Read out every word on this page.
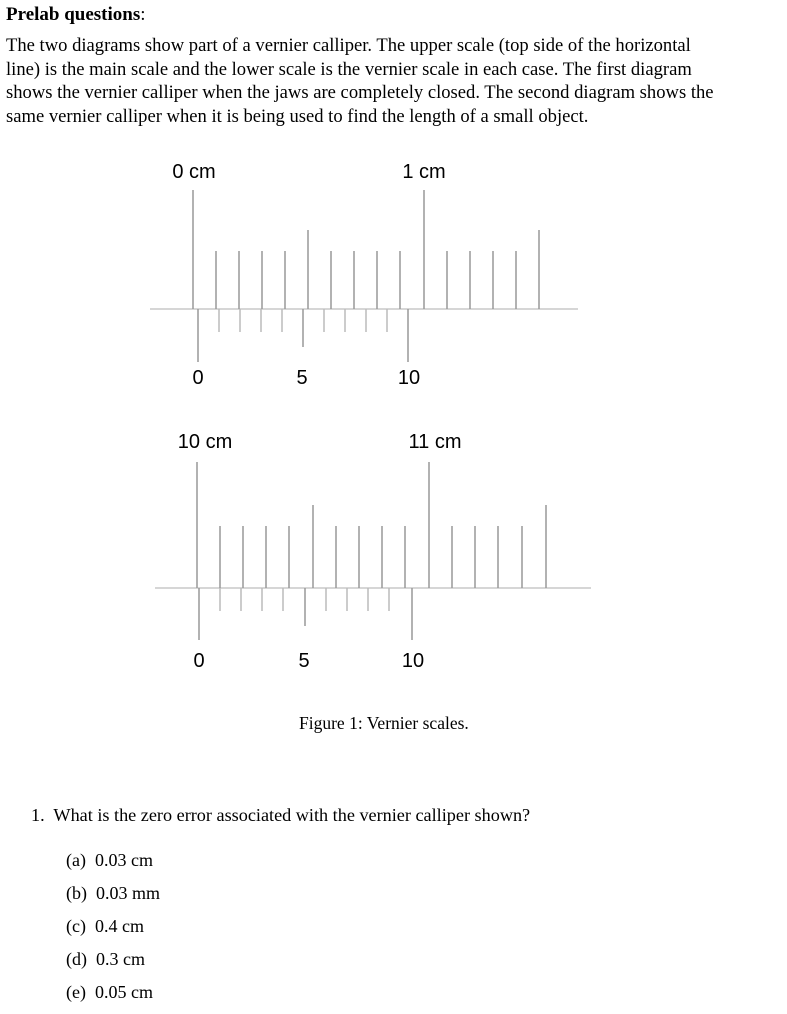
Prelab questions:
The two diagrams show part of a vernier calliper. The upper scale (top side of the horizontal
line) is the main scale and the lower scale is the vernier scale in each case. The first diagram
shows the vernier calliper when the jaws are completely closed. The second diagram shows the
same vernier calliper when it is being used to find the length of a small object.
0 cm	1 cm
0	5	10
10 cm	11 cm
0	5	10
Figure 1: Vernier scales.
1. What is the zero error associated with the vernier calliper shown?
(a) 0.03 cm
(b) 0.03 mm
(c) 0.4 cm
(d) 0.3 cm
(e) 0.05 cm
